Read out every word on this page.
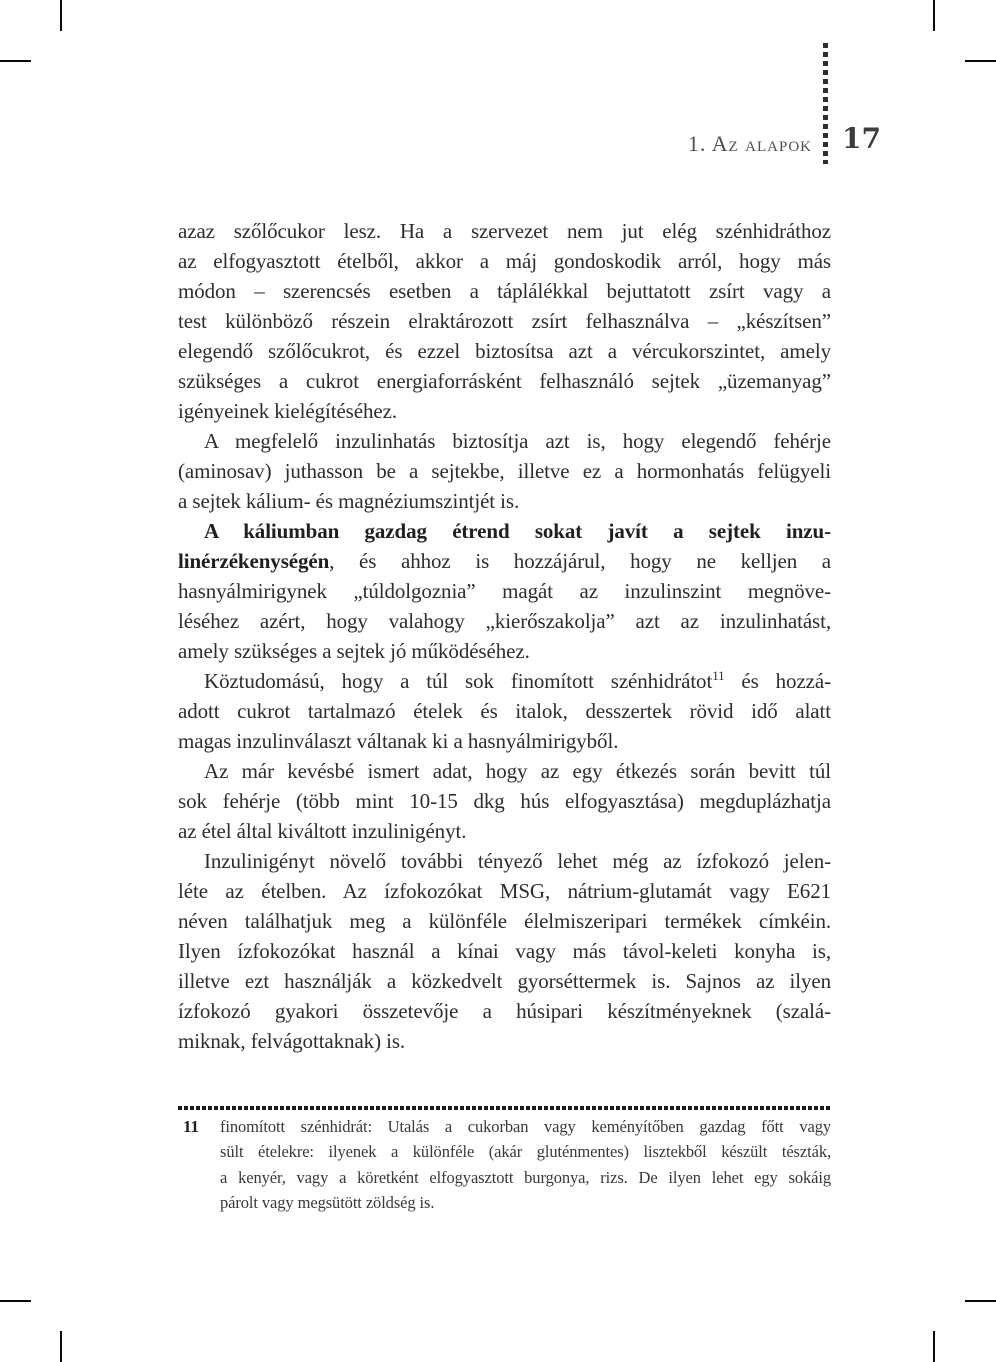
1. Az alapok 17
azaz szőlőcukor lesz. Ha a szervezet nem jut elég szénhidráthoz
az elfogyasztott ételből, akkor a máj gondoskodik arról, hogy más
módon – szerencsés esetben a táplálékkal bejuttatott zsírt vagy a
test különböző részein elraktározott zsírt felhasználva – „készítsen”
elegendő szőlőcukrot, és ezzel biztosítsa azt a vércukorszintet, amely
szükséges a cukrot energiaforrásként felhasználó sejtek „üzemanyag”
igényeinek kielégítéséhez.
A megfelelő inzulinhatás biztosítja azt is, hogy elegendő fehérje
(aminosav) juthasson be a sejtekbe, illetve ez a hormonhatás felügyeli
a sejtek kálium- és magnéziumszintjét is.
A káliumban gazdag étrend sokat javít a sejtek inzu-
linérzékenységén, és ahhoz is hozzájárul, hogy ne kelljen a
hasnyálmirigynek „túldolgoznia” magát az inzulinszint megnöve-
léséhez azért, hogy valahogy „kierőszakolja” azt az inzulinhatást,
amely szükséges a sejtek jó működéséhez.
Köztudomású, hogy a túl sok finomított szénhidrátot$^{11}$ és hozzá-
adott cukrot tartalmazó ételek és italok, desszertek rövid idő alatt
magas inzulinválaszt váltanak ki a hasnyálmirigyből.
Az már kevésbé ismert adat, hogy az egy étkezés során bevitt túl
sok fehérje (több mint 10-15 dkg hús elfogyasztása) megduplázhatja
az étel által kiváltott inzulinigényt.
Inzulinigényt növelő további tényező lehet még az ízfokozó jelen-
léte az ételben. Az ízfokozókat MSG, nátrium-glutamát vagy E621
néven találhatjuk meg a különféle élelmiszeripari termékek címkéin.
Ilyen ízfokozókat használ a kínai vagy más távol-keleti konyha is,
illetve ezt használják a közkedvelt gyorséttermek is. Sajnos az ilyen
ízfokozó gyakori összetevője a húsipari készítményeknek (szalá-
miknak, felvágottaknak) is.
11 finomított szénhidrát: Utalás a cukorban vagy keményítőben gazdag főtt vagy
sült ételekre: ilyenek a különféle (akár gluténmentes) lisztekből készült tészták,
a kenyér, vagy a köretként elfogyasztott burgonya, rizs. De ilyen lehet egy sokáig
párolt vagy megsütött zöldség is.
